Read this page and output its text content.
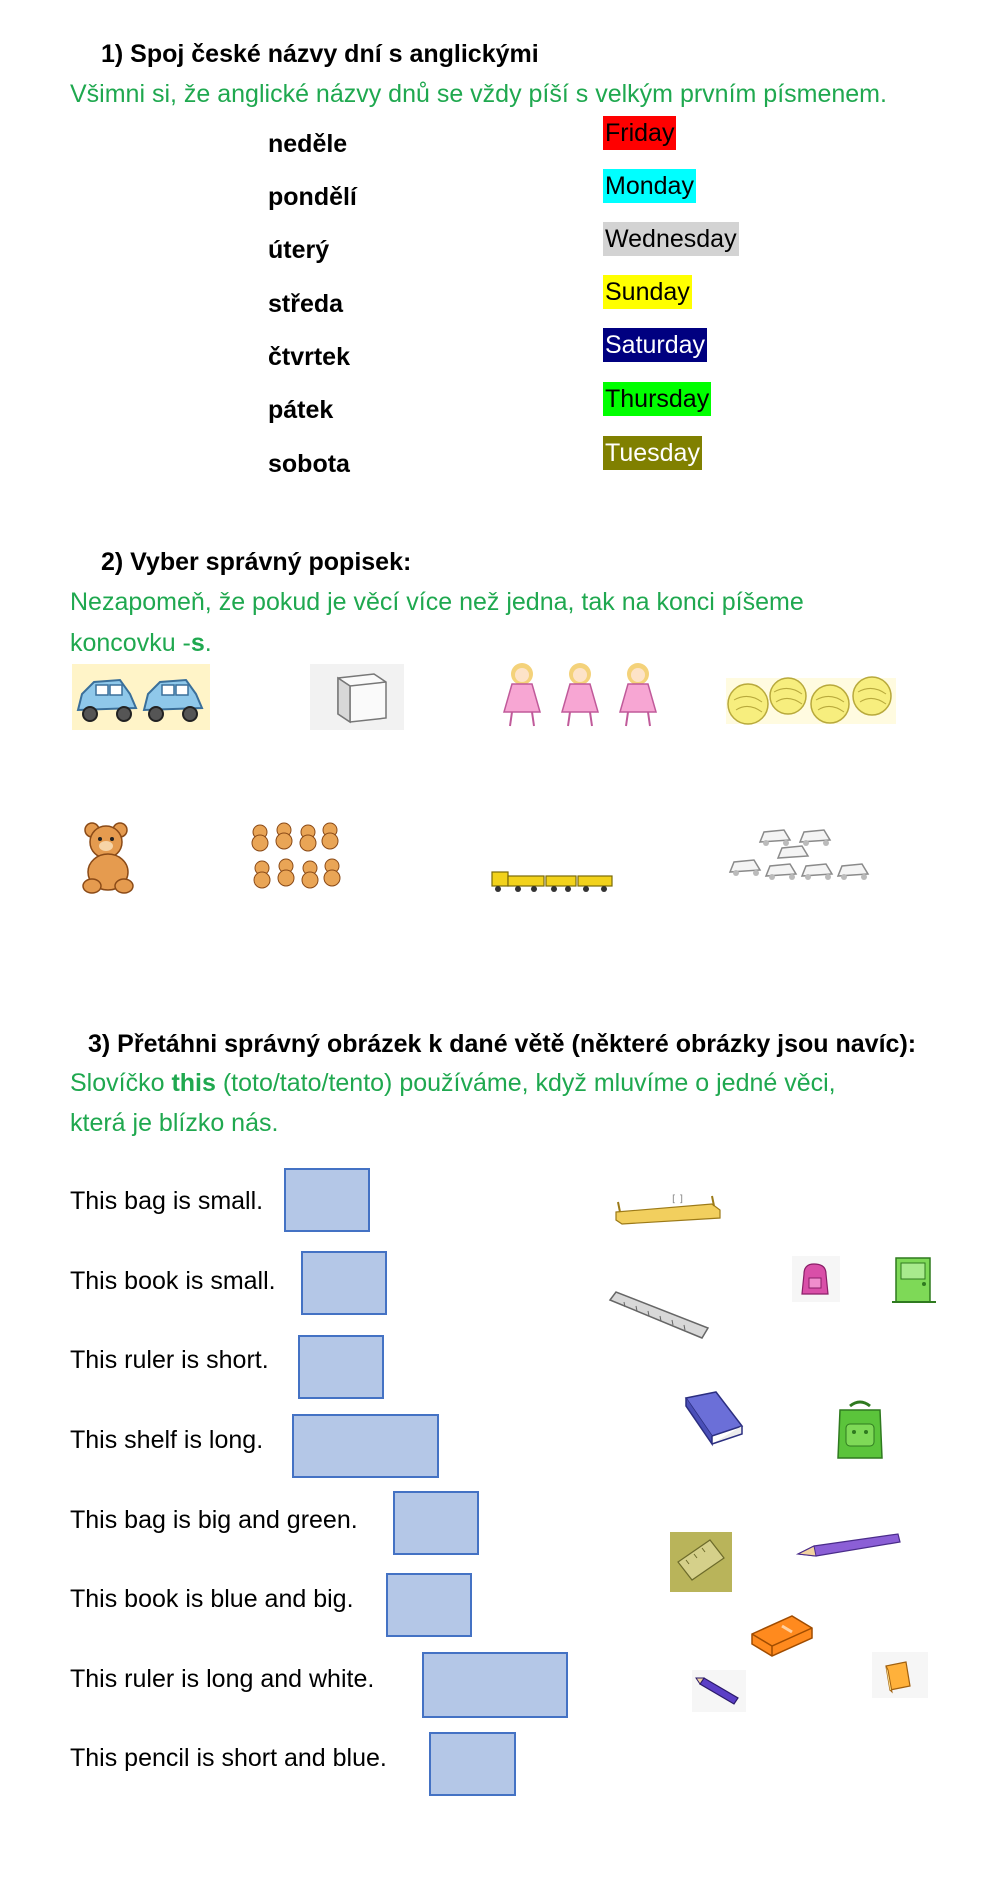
1) Spoj české názvy dní s anglickými
Všimni si, že anglické názvy dnů se vždy píší s velkým prvním písmenem.
neděle
pondělí
úterý
středa
čtvrtek
pátek
sobota
Friday
Monday
Wednesday
Sunday
Saturday
Thursday
Tuesday
2) Vyber správný popisek:
Nezapomeň, že pokud je věcí více než jedna, tak na konci píšeme
koncovku -s.
3) Přetáhni správný obrázek k dané větě (některé obrázky jsou navíc):
Slovíčko this (toto/tato/tento) používáme, když mluvíme o jedné věci,
která je blízko nás.
This bag is small.
This book is small.
This ruler is short.
This shelf is long.
This bag is big and green.
This book is blue and big.
This ruler is long and white.
This pencil is short and blue.
[ ]
